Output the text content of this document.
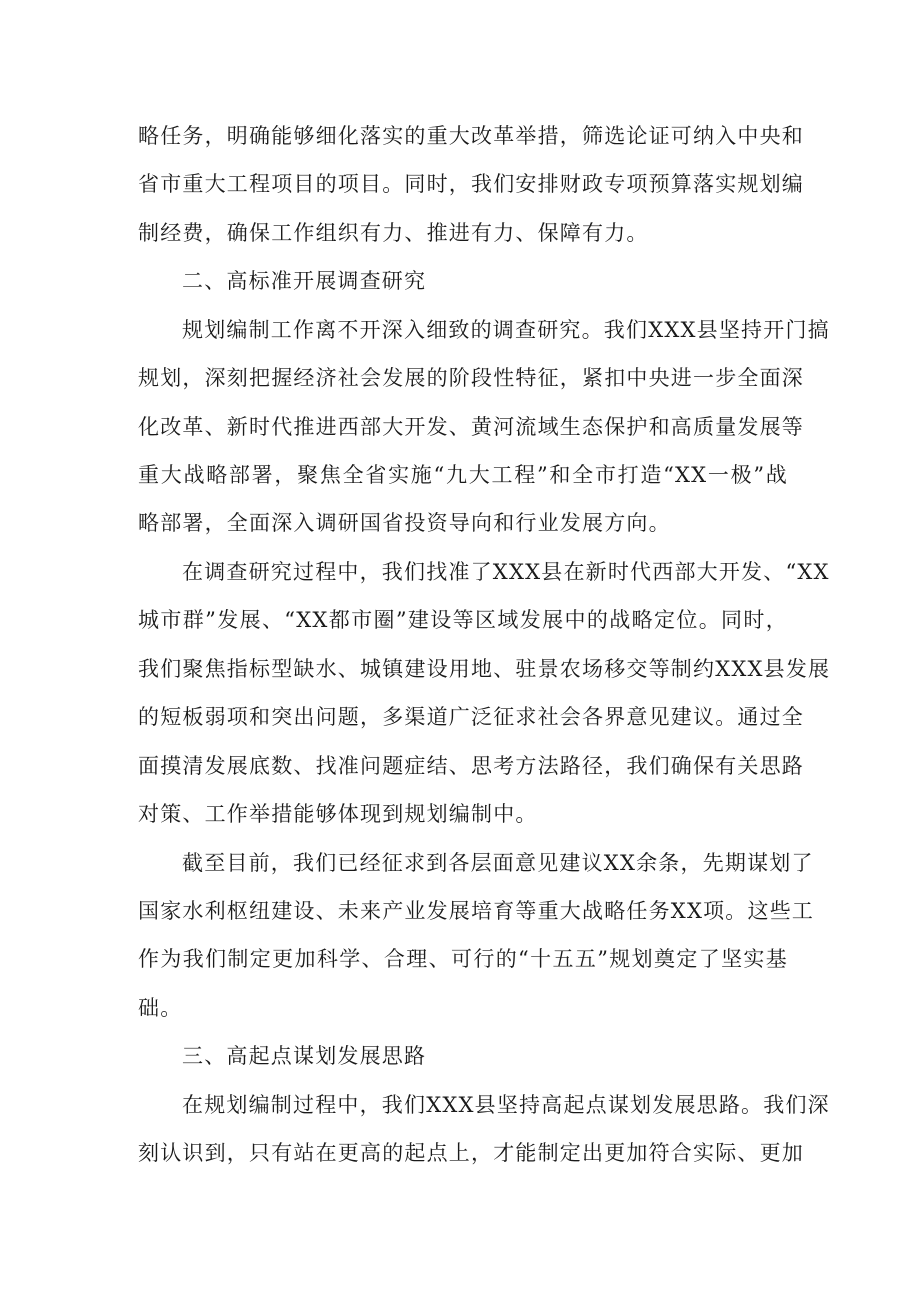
略任务，明确能够细化落实的重大改革举措，筛选论证可纳入中央和
省市重大工程项目的项目。同时，我们安排财政专项预算落实规划编
制经费，确保工作组织有力、推进有力、保障有力。
二、高标准开展调查研究
规划编制工作离不开深入细致的调查研究。我们XXX县坚持开门搞
规划，深刻把握经济社会发展的阶段性特征，紧扣中央进一步全面深
化改革、新时代推进西部大开发、黄河流域生态保护和高质量发展等
重大战略部署，聚焦全省实施“九大工程”和全市打造“XX一极”战
略部署，全面深入调研国省投资导向和行业发展方向。
在调查研究过程中，我们找准了XXX县在新时代西部大开发、“XX
城市群”发展、“XX都市圈”建设等区域发展中的战略定位。同时，
我们聚焦指标型缺水、城镇建设用地、驻景农场移交等制约XXX县发展
的短板弱项和突出问题，多渠道广泛征求社会各界意见建议。通过全
面摸清发展底数、找准问题症结、思考方法路径，我们确保有关思路
对策、工作举措能够体现到规划编制中。
截至目前，我们已经征求到各层面意见建议XX余条，先期谋划了
国家水利枢纽建设、未来产业发展培育等重大战略任务XX项。这些工
作为我们制定更加科学、合理、可行的“十五五”规划奠定了坚实基
础。
三、高起点谋划发展思路
在规划编制过程中，我们XXX县坚持高起点谋划发展思路。我们深
刻认识到，只有站在更高的起点上，才能制定出更加符合实际、更加
